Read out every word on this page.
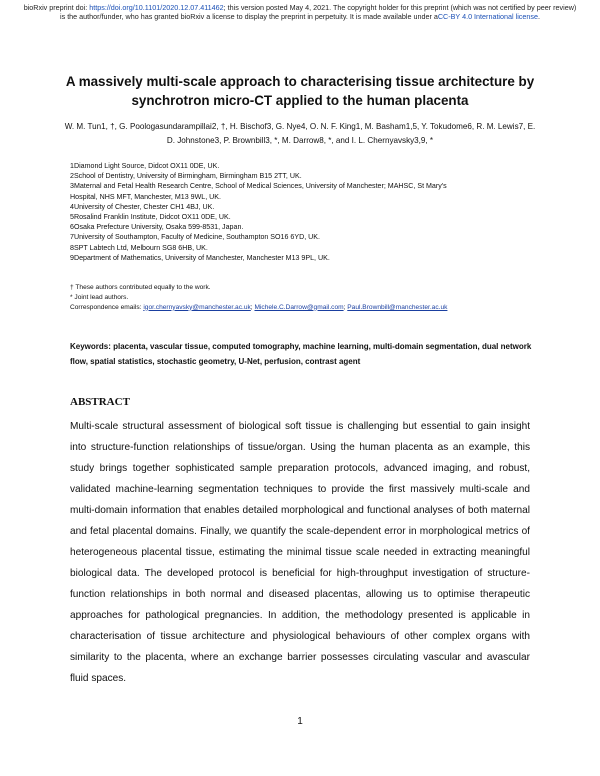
bioRxiv preprint doi: https://doi.org/10.1101/2020.12.07.411462; this version posted May 4, 2021. The copyright holder for this preprint (which was not certified by peer review) is the author/funder, who has granted bioRxiv a license to display the preprint in perpetuity. It is made available under aCC-BY 4.0 International license.
A massively multi-scale approach to characterising tissue architecture by synchrotron micro-CT applied to the human placenta
W. M. Tun1, †, G. Poologasundarampillai2, †, H. Bischof3, G. Nye4, O. N. F. King1, M. Basham1,5, Y. Tokudome6, R. M. Lewis7, E. D. Johnstone3, P. Brownbill3, *, M. Darrow8, *, and I. L. Chernyavsky3,9, *
1Diamond Light Source, Didcot OX11 0DE, UK.
2School of Dentistry, University of Birmingham, Birmingham B15 2TT, UK.
3Maternal and Fetal Health Research Centre, School of Medical Sciences, University of Manchester; MAHSC, St Mary's
Hospital, NHS MFT, Manchester, M13 9WL, UK.
4University of Chester, Chester CH1 4BJ, UK.
5Rosalind Franklin Institute, Didcot OX11 0DE, UK.
6Osaka Prefecture University, Osaka 599-8531, Japan.
7University of Southampton, Faculty of Medicine, Southampton SO16 6YD, UK.
8SPT Labtech Ltd, Melbourn SG8 6HB, UK.
9Department of Mathematics, University of Manchester, Manchester M13 9PL, UK.
† These authors contributed equally to the work.
* Joint lead authors.
Correspondence emails: igor.chernyavsky@manchester.ac.uk; Michele.C.Darrow@gmail.com; Paul.Brownbill@manchester.ac.uk
Keywords: placenta, vascular tissue, computed tomography, machine learning, multi-domain segmentation, dual network flow, spatial statistics, stochastic geometry, U-Net, perfusion, contrast agent
ABSTRACT
Multi-scale structural assessment of biological soft tissue is challenging but essential to gain insight into structure-function relationships of tissue/organ. Using the human placenta as an example, this study brings together sophisticated sample preparation protocols, advanced imaging, and robust, validated machine-learning segmentation techniques to provide the first massively multi-scale and multi-domain information that enables detailed morphological and functional analyses of both maternal and fetal placental domains. Finally, we quantify the scale-dependent error in morphological metrics of heterogeneous placental tissue, estimating the minimal tissue scale needed in extracting meaningful biological data. The developed protocol is beneficial for high-throughput investigation of structure-function relationships in both normal and diseased placentas, allowing us to optimise therapeutic approaches for pathological pregnancies. In addition, the methodology presented is applicable in characterisation of tissue architecture and physiological behaviours of other complex organs with similarity to the placenta, where an exchange barrier possesses circulating vascular and avascular fluid spaces.
1
